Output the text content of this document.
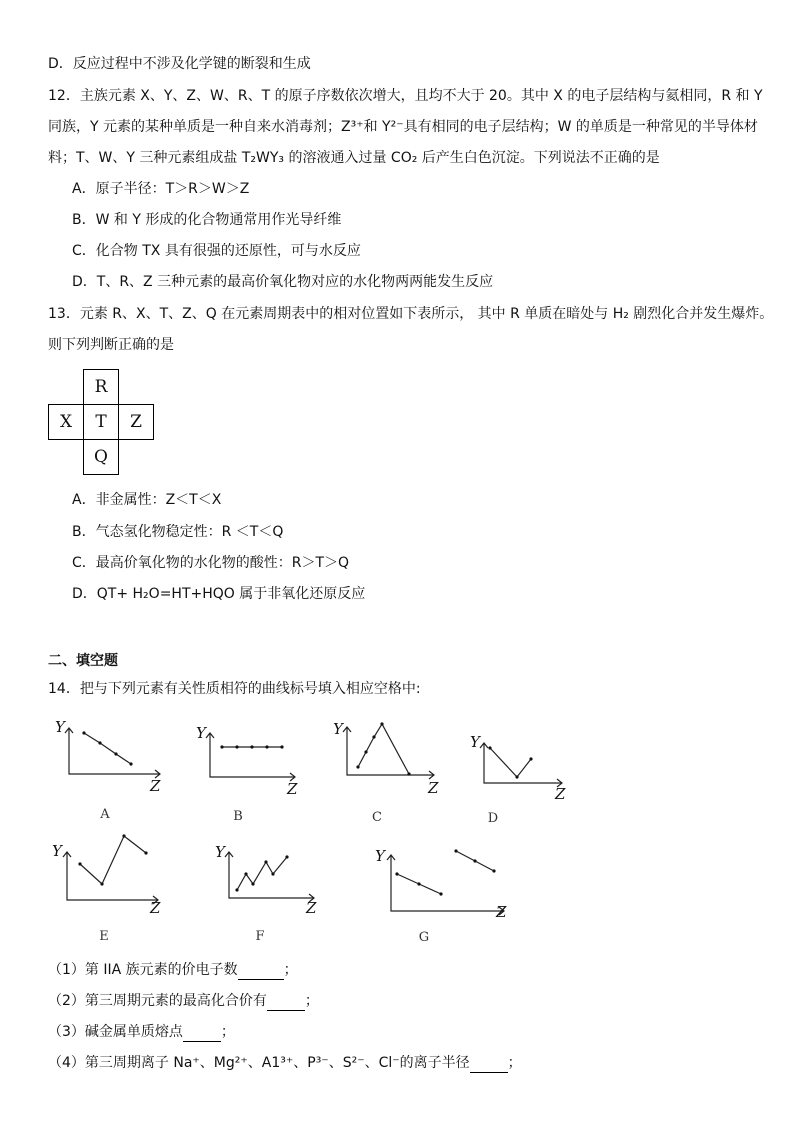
D．反应过程中不涉及化学键的断裂和生成
12．主族元素 X、Y、Z、W、R、T 的原子序数依次增大，且均不大于 20。其中 X 的电子层结构与氦相同，R 和 Y
同族，Y 元素的某种单质是一种自来水消毒剂；Z³⁺和 Y²⁻具有相同的电子层结构；W 的单质是一种常见的半导体材
料；T、W、Y 三种元素组成盐 T₂WY₃ 的溶液通入过量 CO₂ 后产生白色沉淀。下列说法不正确的是
A．原子半径：T＞R＞W＞Z
B．W 和 Y 形成的化合物通常用作光导纤维
C．化合物 TX 具有很强的还原性，可与水反应
D．T、R、Z 三种元素的最高价氧化物对应的水化物两两能发生反应
13．元素 R、X、T、Z、Q 在元素周期表中的相对位置如下表所示， 其中 R 单质在暗处与 H₂ 剧烈化合并发生爆炸。
则下列判断正确的是
	R	
X	T	Z
	Q	
A．非金属性：Z＜T＜X
B．气态氢化物稳定性：R ＜T＜Q
C．最高价氧化物的水化物的酸性：R＞T＞Q
D．QT+ H₂O=HT+HQO 属于非氧化还原反应
二、填空题
14．把与下列元素有关性质相符的曲线标号填入相应空格中:
Y
Z
Y
Z
Y
Z
Y
Z
Y
Z
Y
Z
Y
Z
A	B	C	D
E	F	G
（1）第 IIA 族元素的价电子数	；
（2）第三周期元素的最高化合价有	；
（3）碱金属单质熔点	；
（4）第三周期离子 Na⁺、Mg²⁺、A1³⁺、P³⁻、S²⁻、Cl⁻的离子半径	；
